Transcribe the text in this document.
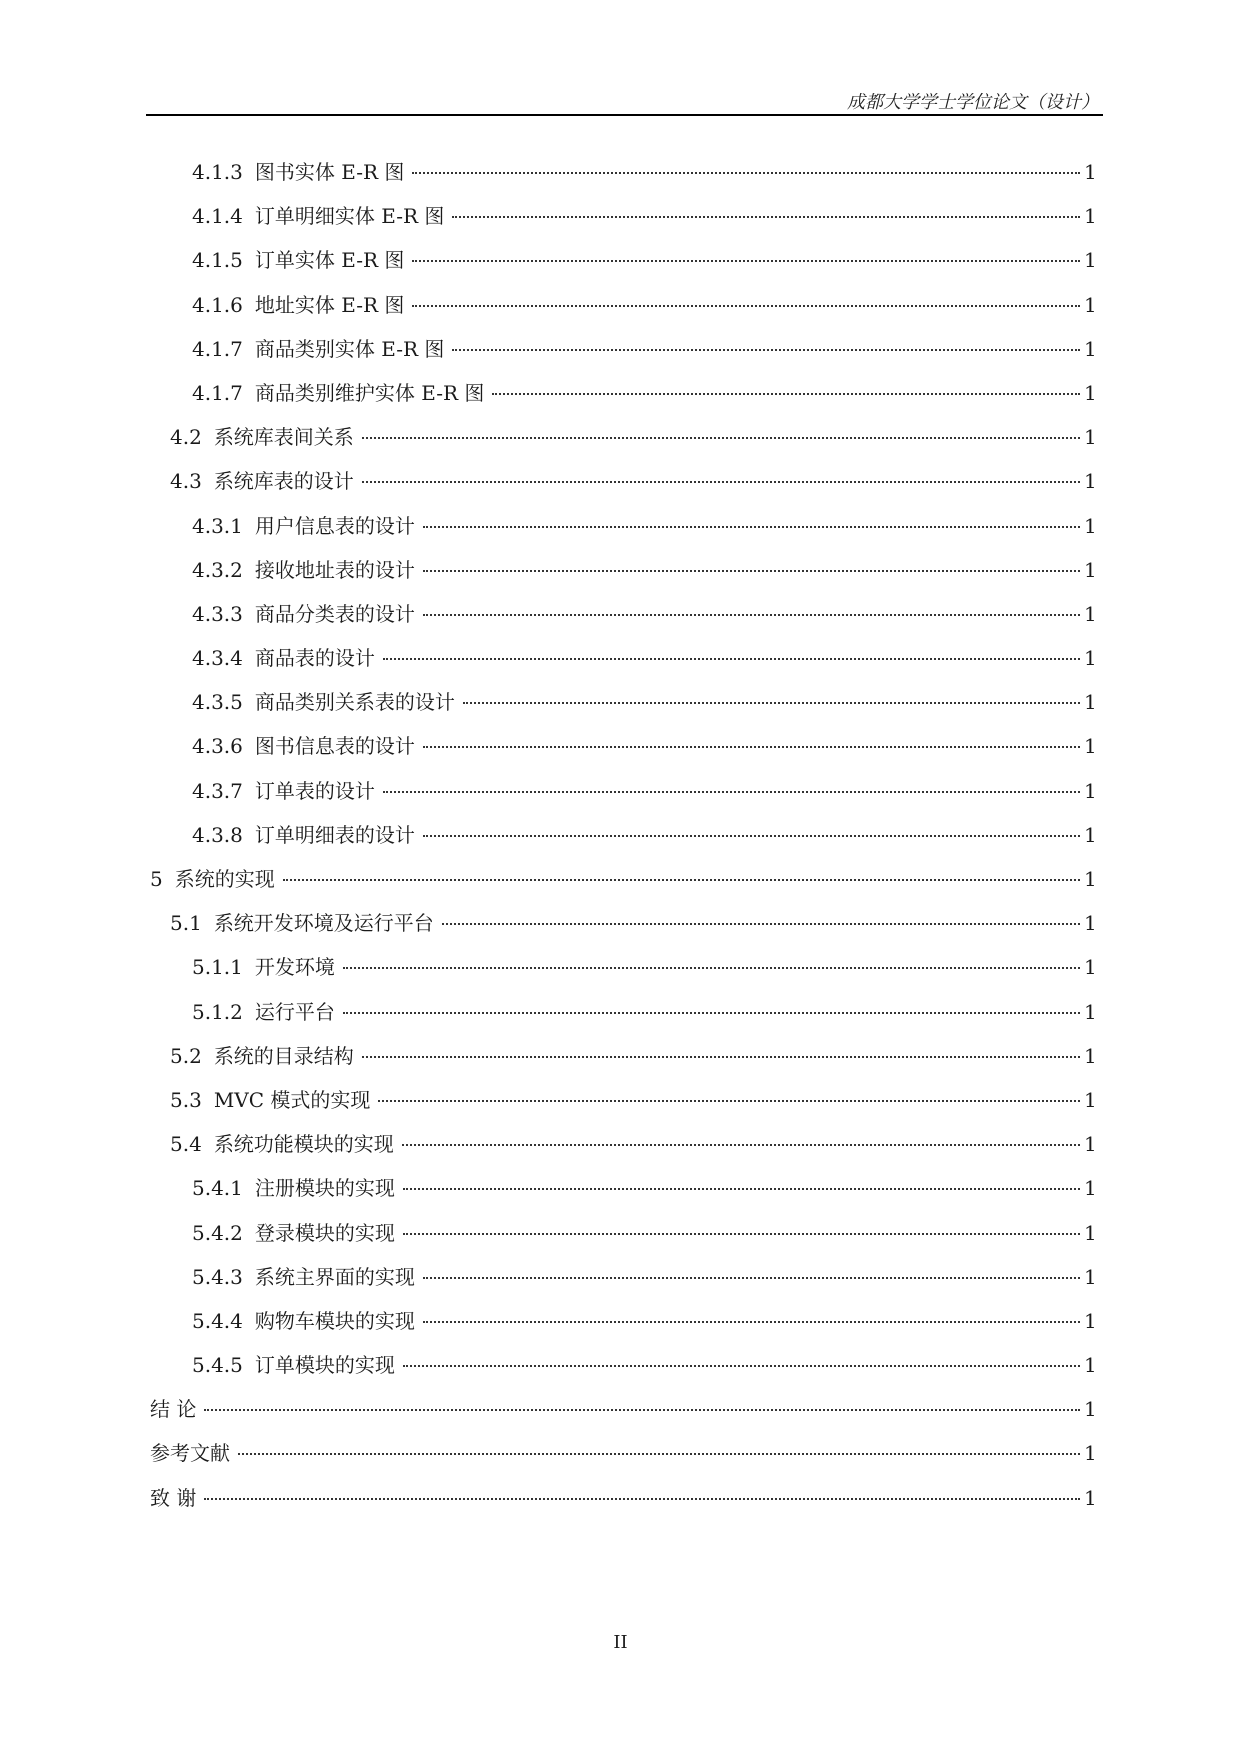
成都大学学士学位论文（设计）
4.1.3 图书实体 E-R 图	1
4.1.4 订单明细实体 E-R 图	1
4.1.5 订单实体 E-R 图	1
4.1.6 地址实体 E-R 图	1
4.1.7 商品类别实体 E-R 图	1
4.1.7 商品类别维护实体 E-R 图	1
4.2 系统库表间关系	1
4.3 系统库表的设计	1
4.3.1 用户信息表的设计	1
4.3.2 接收地址表的设计	1
4.3.3 商品分类表的设计	1
4.3.4 商品表的设计	1
4.3.5 商品类别关系表的设计	1
4.3.6 图书信息表的设计	1
4.3.7 订单表的设计	1
4.3.8 订单明细表的设计	1
5 系统的实现	1
5.1 系统开发环境及运行平台	1
5.1.1 开发环境	1
5.1.2 运行平台	1
5.2 系统的目录结构	1
5.3 MVC 模式的实现	1
5.4 系统功能模块的实现	1
5.4.1 注册模块的实现	1
5.4.2 登录模块的实现	1
5.4.3 系统主界面的实现	1
5.4.4 购物车模块的实现	1
5.4.5 订单模块的实现	1
结 论	1
参考文献	1
致 谢	1
II
